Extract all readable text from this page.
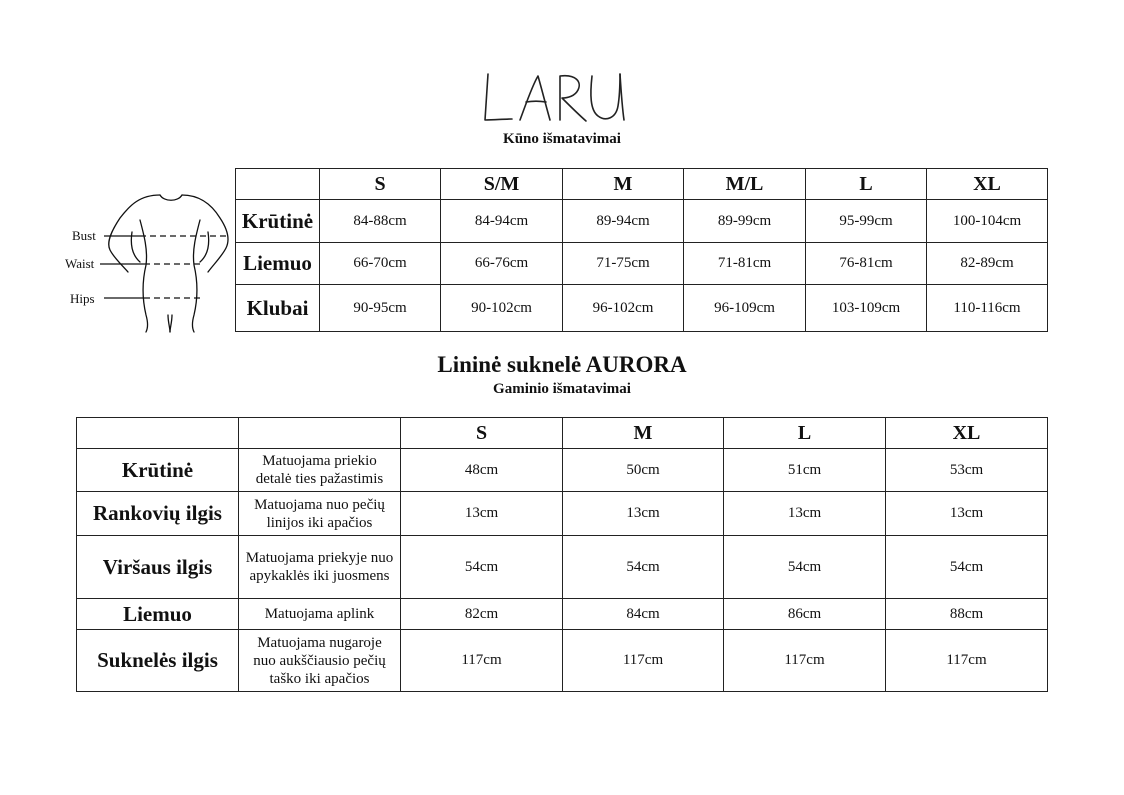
Kūno išmatavimai
Bust
Waist
Hips
	S	S/M	M	M/L	L	XL
Krūtinė	84-88cm	84-94cm	89-94cm	89-99cm	95-99cm	100-104cm
Liemuo	66-70cm	66-76cm	71-75cm	71-81cm	76-81cm	82-89cm
Klubai	90-95cm	90-102cm	96-102cm	96-109cm	103-109cm	110-116cm
Lininė suknelė AURORA
Gaminio išmatavimai
		S	M	L	XL
Krūtinė	Matuojama priekio detalė ties pažastimis	48cm	50cm	51cm	53cm
Rankovių ilgis	Matuojama nuo pečių linijos iki apačios	13cm	13cm	13cm	13cm
Viršaus ilgis	Matuojama priekyje nuo apykaklės iki juosmens	54cm	54cm	54cm	54cm
Liemuo	Matuojama aplink	82cm	84cm	86cm	88cm
Suknelės ilgis	Matuojama nugaroje nuo aukščiausio pečių taško iki apačios	117cm	117cm	117cm	117cm
